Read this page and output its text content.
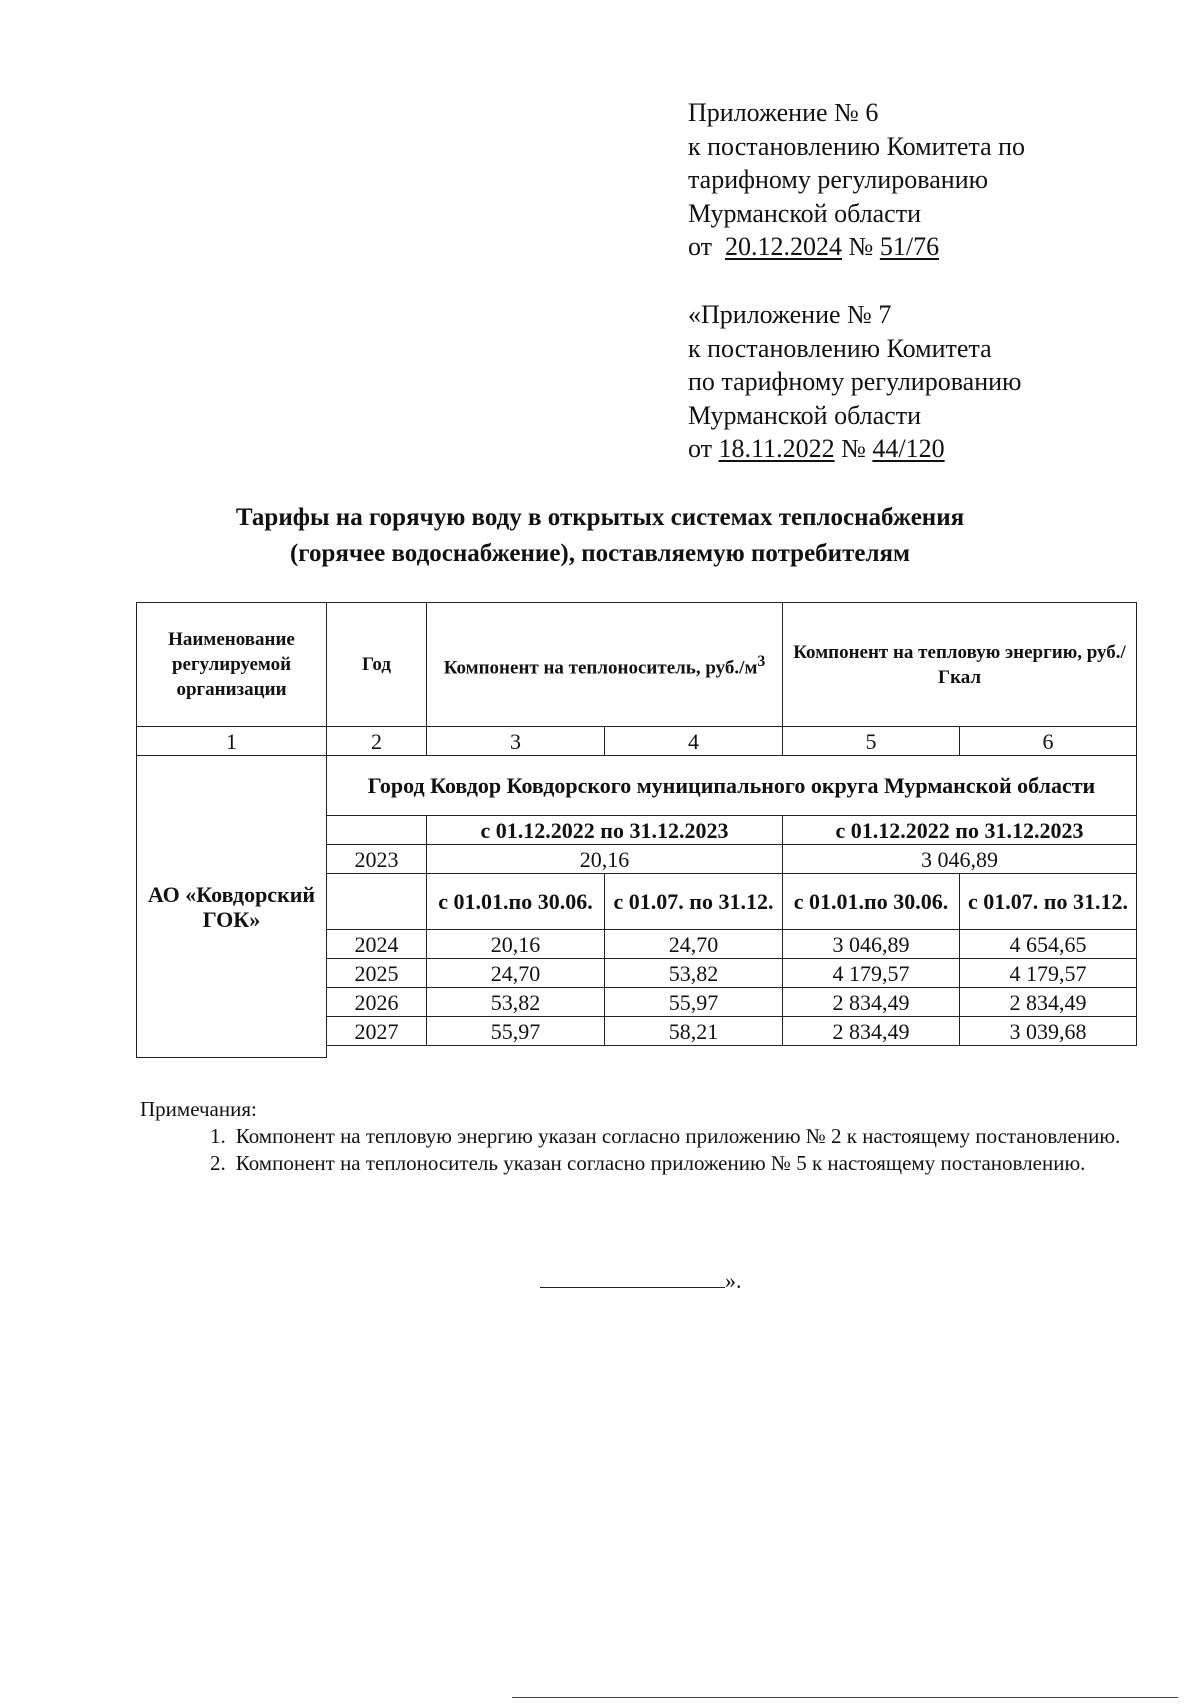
Приложение № 6
к постановлению Комитета по
тарифному регулированию
Мурманской области
от 20.12.2024 № 51/76
«Приложение № 7
к постановлению Комитета
по тарифному регулированию
Мурманской области
от 18.11.2022 № 44/120
Тарифы на горячую воду в открытых системах теплоснабжения
(горячее водоснабжение), поставляемую потребителям
Наименование регулируемой организации	Год	Компонент на теплоноситель, $руб./м^3$		Компонент на тепловую энергию, руб./Гкал	
1	2	3	4	5	6
АО «Ковдорский ГОК»	Город Ковдор Ковдорского муниципального округа Мурманской области				
		с 01.12.2022 по 31.12.2023		с 01.12.2022 по 31.12.2023	
	2023	20,16		3 046,89	
		с 01.01.по 30.06.	с 01.07. по 31.12.	с 01.01.по 30.06.	с 01.07. по 31.12.
	2024	20,16	24,70	3 046,89	4 654,65
	2025	24,70	53,82	4 179,57	4 179,57
	2026	53,82	55,97	2 834,49	2 834,49
	2027	55,97	58,21	2 834,49	3 039,68

Примечания:
1. Компонент на тепловую энергию указан согласно приложению № 2 к настоящему постановлению.
2. Компонент на теплоноситель указан согласно приложению № 5 к настоящему постановлению.
».
